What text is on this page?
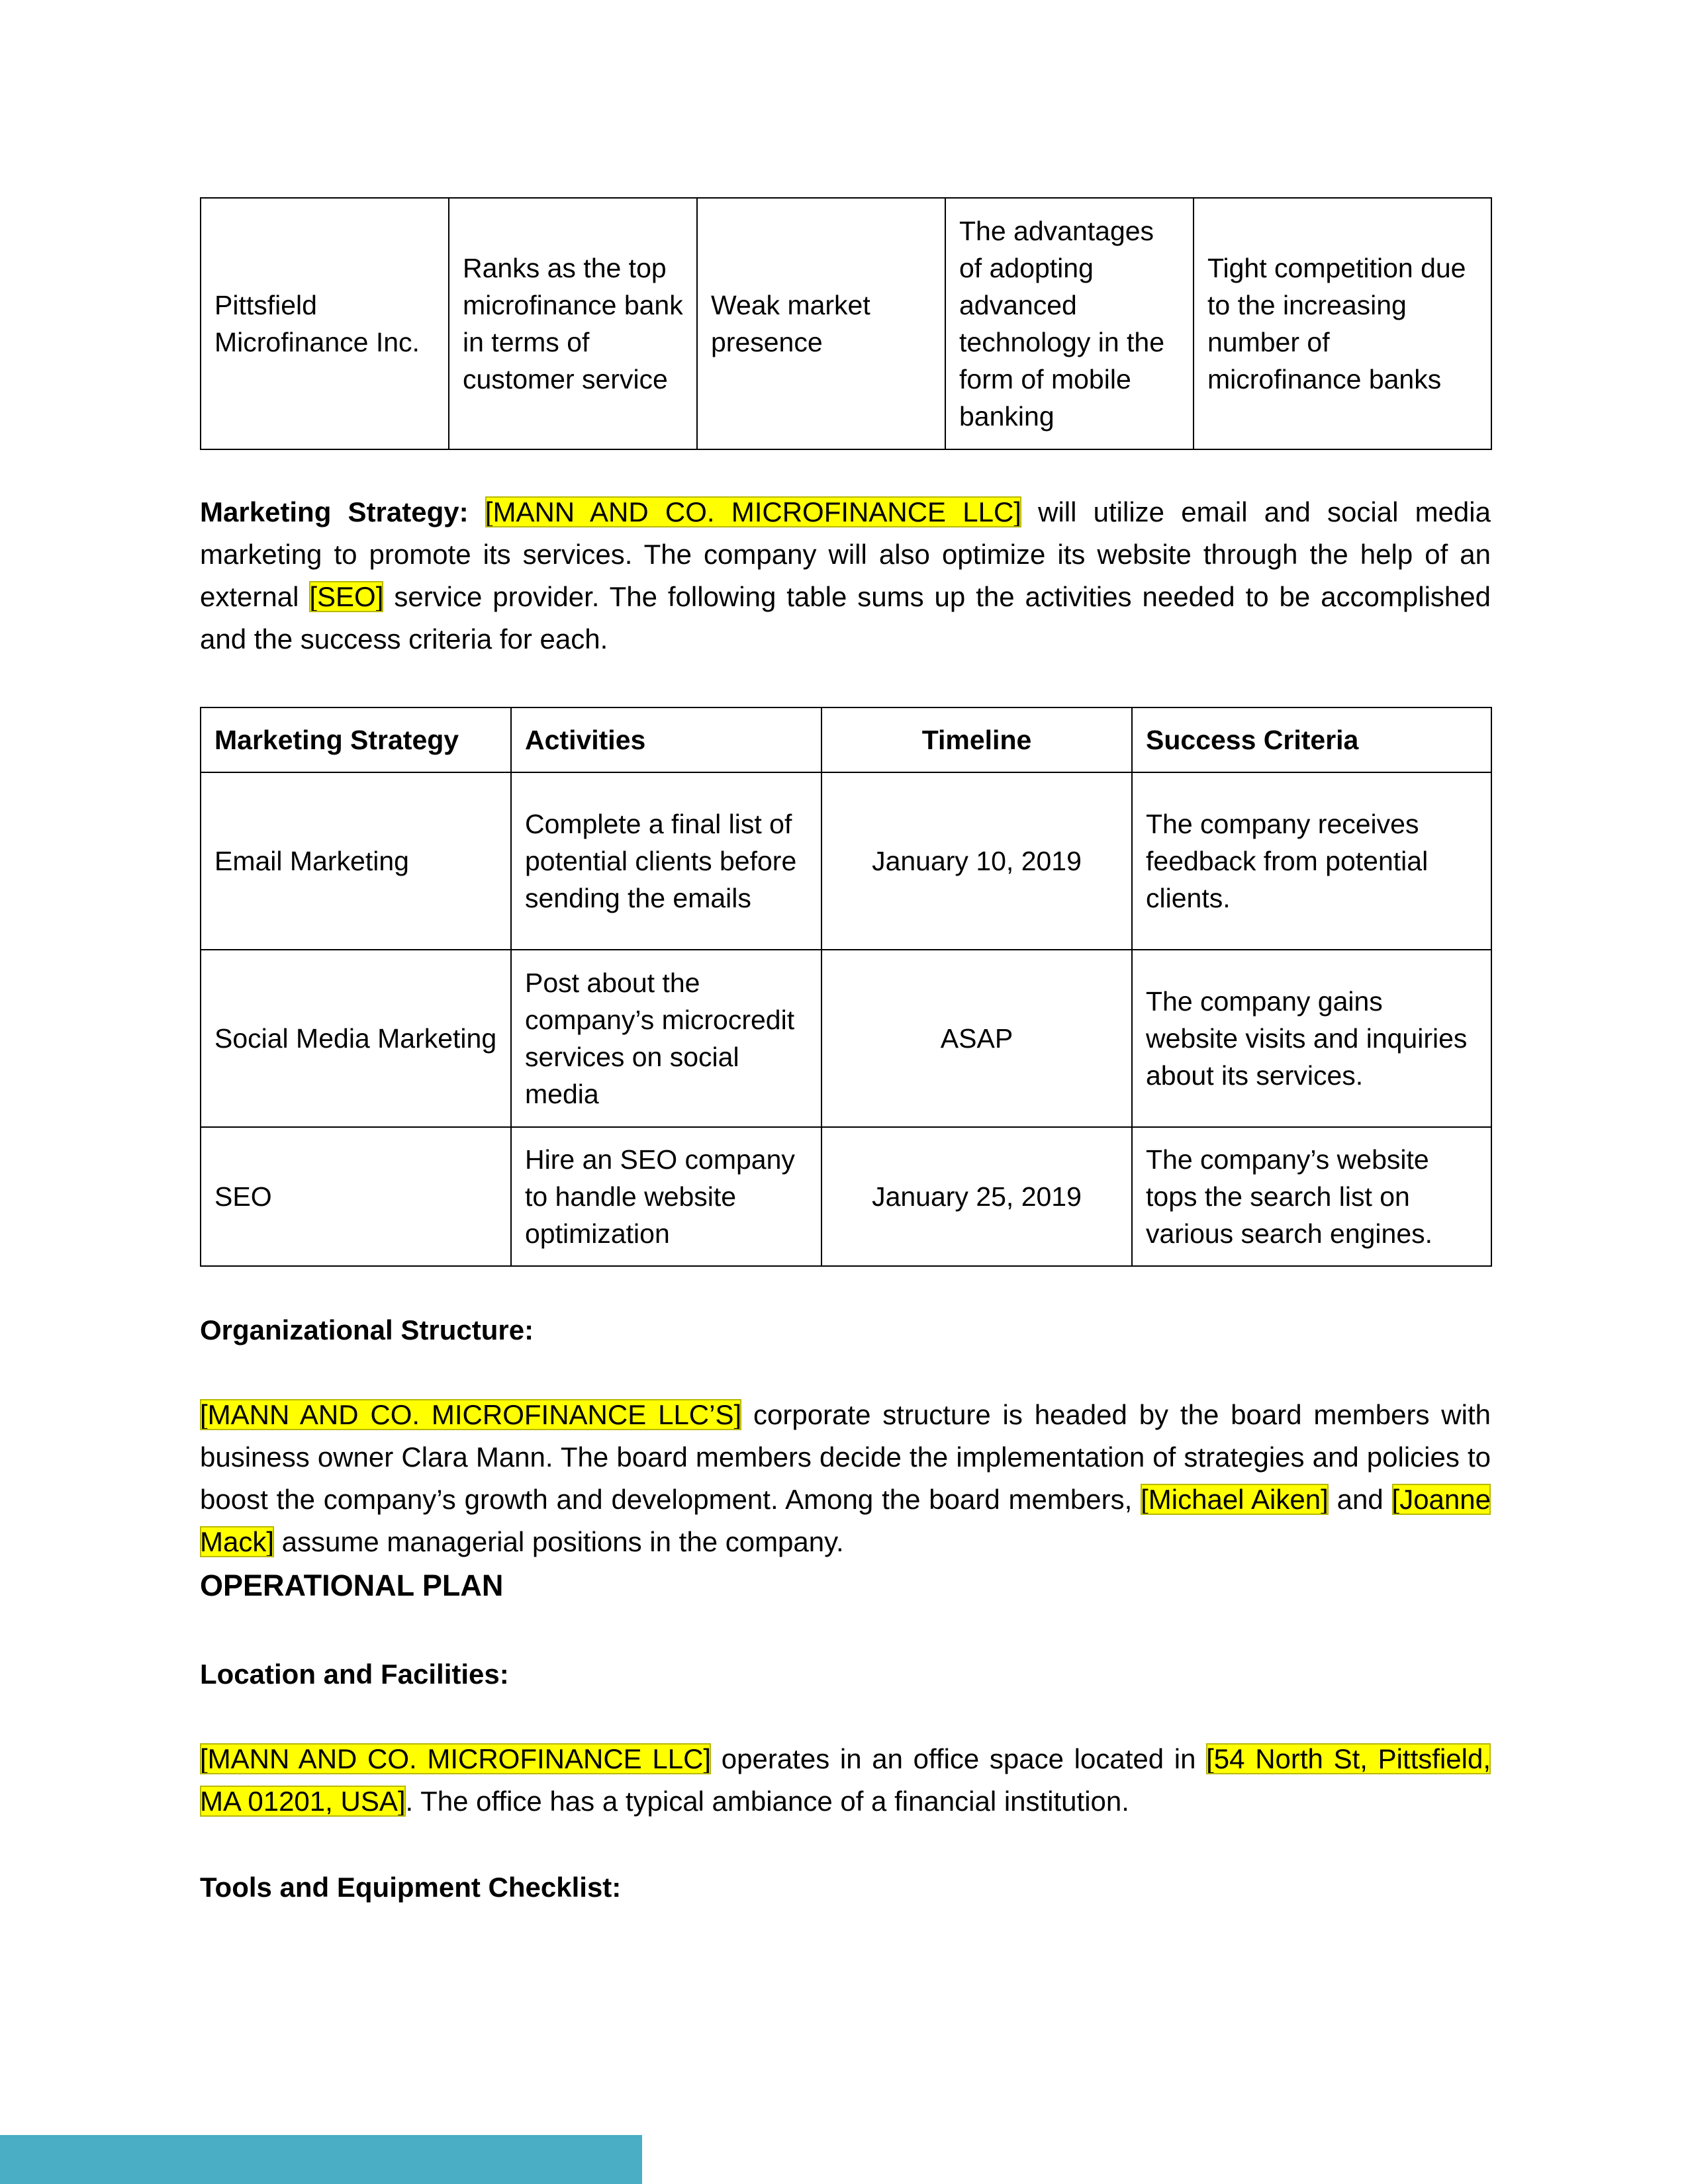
Pittsfield Microfinance Inc.	Ranks as the top microfinance bank in terms of customer service	Weak market presence	The advantages of adopting advanced technology in the form of mobile banking	Tight competition due to the increasing number of microfinance banks

Marketing Strategy: [MANN AND CO. MICROFINANCE LLC] will utilize email and social media marketing to promote its services. The company will also optimize its website through the help of an external [SEO] service provider. The following table sums up the activities needed to be accomplished and the success criteria for each.

Marketing Strategy	Activities	Timeline	Success Criteria
Email Marketing	Complete a final list of potential clients before sending the emails	January 10, 2019	The company receives feedback from potential clients.
Social Media Marketing	Post about the company’s microcredit services on social media	ASAP	The company gains website visits and inquiries about its services.
SEO	Hire an SEO company to handle website optimization	January 25, 2019	The company’s website tops the search list on various search engines.
Organizational Structure:

[MANN AND CO. MICROFINANCE LLC’S] corporate structure is headed by the board members with business owner Clara Mann. The board members decide the implementation of strategies and policies to boost the company’s growth and development. Among the board members, [Michael Aiken] and [Joanne Mack] assume managerial positions in the company.

OPERATIONAL PLAN
Location and Facilities:

[MANN AND CO. MICROFINANCE LLC] operates in an office space located in [54 North St, Pittsfield, MA 01201, USA]. The office has a typical ambiance of a financial institution.

Tools and Equipment Checklist:
